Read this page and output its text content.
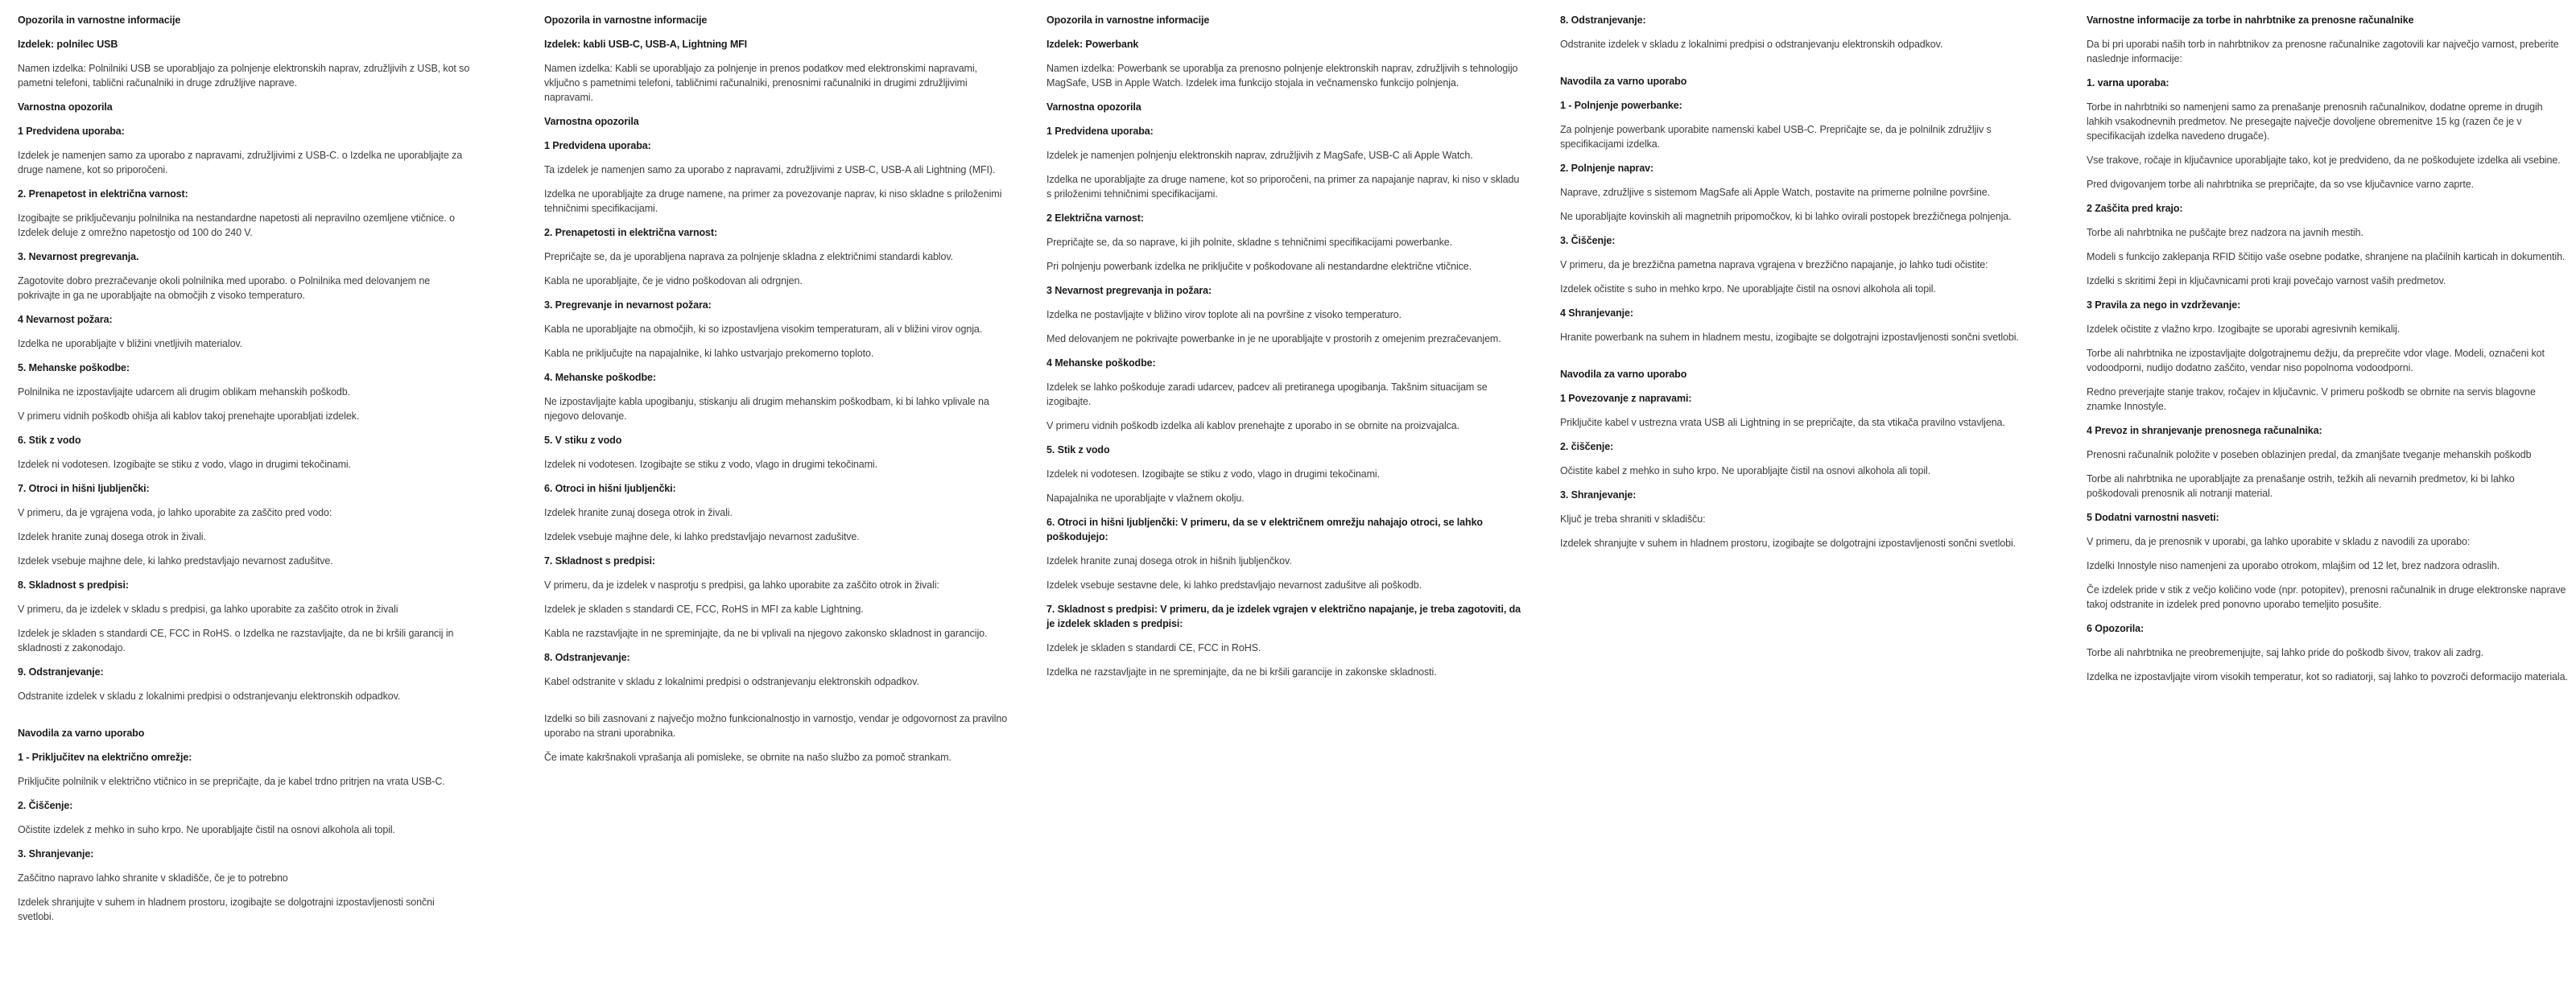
Opozorila in varnostne informacije
Izdelek: polnilec USB
Namen izdelka: Polnilniki USB se uporabljajo za polnjenje elektronskih naprav, združljivih z USB, kot so pametni telefoni, tablični računalniki in druge združljive naprave.
Varnostna opozorila
1 Predvidena uporaba:
Izdelek je namenjen samo za uporabo z napravami, združljivimi z USB-C. o Izdelka ne uporabljajte za druge namene, kot so priporočeni.
2. Prenapetost in električna varnost:
Izogibajte se priključevanju polnilnika na nestandardne napetosti ali nepravilno ozemljene vtičnice. o Izdelek deluje z omrežno napetostjo od 100 do 240 V.
3. Nevarnost pregrevanja.
Zagotovite dobro prezračevanje okoli polnilnika med uporabo. o Polnilnika med delovanjem ne pokrivajte in ga ne uporabljajte na območjih z visoko temperaturo.
4 Nevarnost požara:
Izdelka ne uporabljajte v bližini vnetljivih materialov.
5. Mehanske poškodbe:
Polnilnika ne izpostavljajte udarcem ali drugim oblikam mehanskih poškodb.
V primeru vidnih poškodb ohišja ali kablov takoj prenehajte uporabljati izdelek.
6. Stik z vodo
Izdelek ni vodotesen. Izogibajte se stiku z vodo, vlago in drugimi tekočinami.
7. Otroci in hišni ljubljenčki:
V primeru, da je vgrajena voda, jo lahko uporabite za zaščito pred vodo:
Izdelek hranite zunaj dosega otrok in živali.
Izdelek vsebuje majhne dele, ki lahko predstavljajo nevarnost zadušitve.
8. Skladnost s predpisi:
V primeru, da je izdelek v skladu s predpisi, ga lahko uporabite za zaščito otrok in živali
Izdelek je skladen s standardi CE, FCC in RoHS. o Izdelka ne razstavljajte, da ne bi kršili garancij in skladnosti z zakonodajo.
9. Odstranjevanje:
Odstranite izdelek v skladu z lokalnimi predpisi o odstranjevanju elektronskih odpadkov.
Navodila za varno uporabo
1 - Priključitev na električno omrežje:
Priključite polnilnik v električno vtičnico in se prepričajte, da je kabel trdno pritrjen na vrata USB-C.
2. Čiščenje:
Očistite izdelek z mehko in suho krpo. Ne uporabljajte čistil na osnovi alkohola ali topil.
3. Shranjevanje:
Zaščitno napravo lahko shranite v skladišče, če je to potrebno
Izdelek shranjujte v suhem in hladnem prostoru, izogibajte se dolgotrajni izpostavljenosti sončni svetlobi.
Opozorila in varnostne informacije
Izdelek: kabli USB-C, USB-A, Lightning MFI
Namen izdelka: Kabli se uporabljajo za polnjenje in prenos podatkov med elektronskimi napravami, vključno s pametnimi telefoni, tabličnimi računalniki, prenosnimi računalniki in drugimi združljivimi napravami.
Varnostna opozorila
1 Predvidena uporaba:
Ta izdelek je namenjen samo za uporabo z napravami, združljivimi z USB-C, USB-A ali Lightning (MFI).
Izdelka ne uporabljajte za druge namene, na primer za povezovanje naprav, ki niso skladne s priloženimi tehničnimi specifikacijami.
2. Prenapetosti in električna varnost:
Prepričajte se, da je uporabljena naprava za polnjenje skladna z električnimi standardi kablov.
Kabla ne uporabljajte, če je vidno poškodovan ali odrgnjen.
3. Pregrevanje in nevarnost požara:
Kabla ne uporabljajte na območjih, ki so izpostavljena visokim temperaturam, ali v bližini virov ognja.
Kabla ne priključujte na napajalnike, ki lahko ustvarjajo prekomerno toploto.
4. Mehanske poškodbe:
Ne izpostavljajte kabla upogibanju, stiskanju ali drugim mehanskim poškodbam, ki bi lahko vplivale na njegovo delovanje.
5. V stiku z vodo
Izdelek ni vodotesen. Izogibajte se stiku z vodo, vlago in drugimi tekočinami.
6. Otroci in hišni ljubljenčki:
Izdelek hranite zunaj dosega otrok in živali.
Izdelek vsebuje majhne dele, ki lahko predstavljajo nevarnost zadušitve.
7. Skladnost s predpisi:
V primeru, da je izdelek v nasprotju s predpisi, ga lahko uporabite za zaščito otrok in živali:
Izdelek je skladen s standardi CE, FCC, RoHS in MFI za kable Lightning.
Kabla ne razstavljajte in ne spreminjajte, da ne bi vplivali na njegovo zakonsko skladnost in garancijo.
8. Odstranjevanje:
Kabel odstranite v skladu z lokalnimi predpisi o odstranjevanju elektronskih odpadkov.
Izdelki so bili zasnovani z največjo možno funkcionalnostjo in varnostjo, vendar je odgovornost za pravilno uporabo na strani uporabnika.
Če imate kakršnakoli vprašanja ali pomisleke, se obrnite na našo službo za pomoč strankam.
Opozorila in varnostne informacije
Izdelek: Powerbank
Namen izdelka: Powerbank se uporablja za prenosno polnjenje elektronskih naprav, združljivih s tehnologijo MagSafe, USB in Apple Watch. Izdelek ima funkcijo stojala in večnamensko funkcijo polnjenja.
Varnostna opozorila
1 Predvidena uporaba:
Izdelek je namenjen polnjenju elektronskih naprav, združljivih z MagSafe, USB-C ali Apple Watch.
Izdelka ne uporabljajte za druge namene, kot so priporočeni, na primer za napajanje naprav, ki niso v skladu s priloženimi tehničnimi specifikacijami.
2 Električna varnost:
Prepričajte se, da so naprave, ki jih polnite, skladne s tehničnimi specifikacijami powerbanke.
Pri polnjenju powerbank izdelka ne priključite v poškodovane ali nestandardne električne vtičnice.
3 Nevarnost pregrevanja in požara:
Izdelka ne postavljajte v bližino virov toplote ali na površine z visoko temperaturo.
Med delovanjem ne pokrivajte powerbanke in je ne uporabljajte v prostorih z omejenim prezračevanjem.
4 Mehanske poškodbe:
Izdelek se lahko poškoduje zaradi udarcev, padcev ali pretiranega upogibanja. Takšnim situacijam se izogibajte.
V primeru vidnih poškodb izdelka ali kablov prenehajte z uporabo in se obrnite na proizvajalca.
5. Stik z vodo
Izdelek ni vodotesen. Izogibajte se stiku z vodo, vlago in drugimi tekočinami.
Napajalnika ne uporabljajte v vlažnem okolju.
6. Otroci in hišni ljubljenčki: V primeru, da se v električnem omrežju nahajajo otroci, se lahko poškodujejo:
Izdelek hranite zunaj dosega otrok in hišnih ljubljenčkov.
Izdelek vsebuje sestavne dele, ki lahko predstavljajo nevarnost zadušitve ali poškodb.
7. Skladnost s predpisi: V primeru, da je izdelek vgrajen v električno napajanje, je treba zagotoviti, da je izdelek skladen s predpisi:
Izdelek je skladen s standardi CE, FCC in RoHS.
Izdelka ne razstavljajte in ne spreminjajte, da ne bi kršili garancije in zakonske skladnosti.
8. Odstranjevanje:
Odstranite izdelek v skladu z lokalnimi predpisi o odstranjevanju elektronskih odpadkov.
Navodila za varno uporabo
1 - Polnjenje powerbanke:
Za polnjenje powerbank uporabite namenski kabel USB-C. Prepričajte se, da je polnilnik združljiv s specifikacijami izdelka.
2. Polnjenje naprav:
Naprave, združljive s sistemom MagSafe ali Apple Watch, postavite na primerne polnilne površine.
Ne uporabljajte kovinskih ali magnetnih pripomočkov, ki bi lahko ovirali postopek brezžičnega polnjenja.
3. Čiščenje:
V primeru, da je brezžična pametna naprava vgrajena v brezžično napajanje, jo lahko tudi očistite:
Izdelek očistite s suho in mehko krpo. Ne uporabljajte čistil na osnovi alkohola ali topil.
4 Shranjevanje:
Hranite powerbank na suhem in hladnem mestu, izogibajte se dolgotrajni izpostavljenosti sončni svetlobi.
Navodila za varno uporabo
1 Povezovanje z napravami:
Priključite kabel v ustrezna vrata USB ali Lightning in se prepričajte, da sta vtikača pravilno vstavljena.
2. čiščenje:
Očistite kabel z mehko in suho krpo. Ne uporabljajte čistil na osnovi alkohola ali topil.
3. Shranjevanje:
Ključ je treba shraniti v skladišču:
Izdelek shranjujte v suhem in hladnem prostoru, izogibajte se dolgotrajni izpostavljenosti sončni svetlobi.
Varnostne informacije za torbe in nahrbtnike za prenosne računalnike
Da bi pri uporabi naših torb in nahrbtnikov za prenosne računalnike zagotovili kar največjo varnost, preberite naslednje informacije:
1. varna uporaba:
Torbe in nahrbtniki so namenjeni samo za prenašanje prenosnih računalnikov, dodatne opreme in drugih lahkih vsakodnevnih predmetov. Ne presegajte največje dovoljene obremenitve 15 kg (razen če je v specifikacijah izdelka navedeno drugače).
Vse trakove, ročaje in ključavnice uporabljajte tako, kot je predvideno, da ne poškodujete izdelka ali vsebine.
Pred dvigovanjem torbe ali nahrbtnika se prepričajte, da so vse ključavnice varno zaprte.
2 Zaščita pred krajo:
Torbe ali nahrbtnika ne puščajte brez nadzora na javnih mestih.
Modeli s funkcijo zaklepanja RFID ščitijo vaše osebne podatke, shranjene na plačilnih karticah in dokumentih.
Izdelki s skritimi žepi in ključavnicami proti kraji povečajo varnost vaših predmetov.
3 Pravila za nego in vzdrževanje:
Izdelek očistite z vlažno krpo. Izogibajte se uporabi agresivnih kemikalij.
Torbe ali nahrbtnika ne izpostavljajte dolgotrajnemu dežju, da preprečite vdor vlage. Modeli, označeni kot vodoodporni, nudijo dodatno zaščito, vendar niso popolnoma vodoodporni.
Redno preverjajte stanje trakov, ročajev in ključavnic. V primeru poškodb se obrnite na servis blagovne znamke Innostyle.
4 Prevoz in shranjevanje prenosnega računalnika:
Prenosni računalnik položite v poseben oblazinjen predal, da zmanjšate tveganje mehanskih poškodb
Torbe ali nahrbtnika ne uporabljajte za prenašanje ostrih, težkih ali nevarnih predmetov, ki bi lahko poškodovali prenosnik ali notranji material.
5 Dodatni varnostni nasveti:
V primeru, da je prenosnik v uporabi, ga lahko uporabite v skladu z navodili za uporabo:
Izdelki Innostyle niso namenjeni za uporabo otrokom, mlajšim od 12 let, brez nadzora odraslih.
Če izdelek pride v stik z večjo količino vode (npr. potopitev), prenosni računalnik in druge elektronske naprave takoj odstranite in izdelek pred ponovno uporabo temeljito posušite.
6 Opozorila:
Torbe ali nahrbtnika ne preobremenjujte, saj lahko pride do poškodb šivov, trakov ali zadrg.
Izdelka ne izpostavljajte virom visokih temperatur, kot so radiatorji, saj lahko to povzroči deformacijo materiala.
